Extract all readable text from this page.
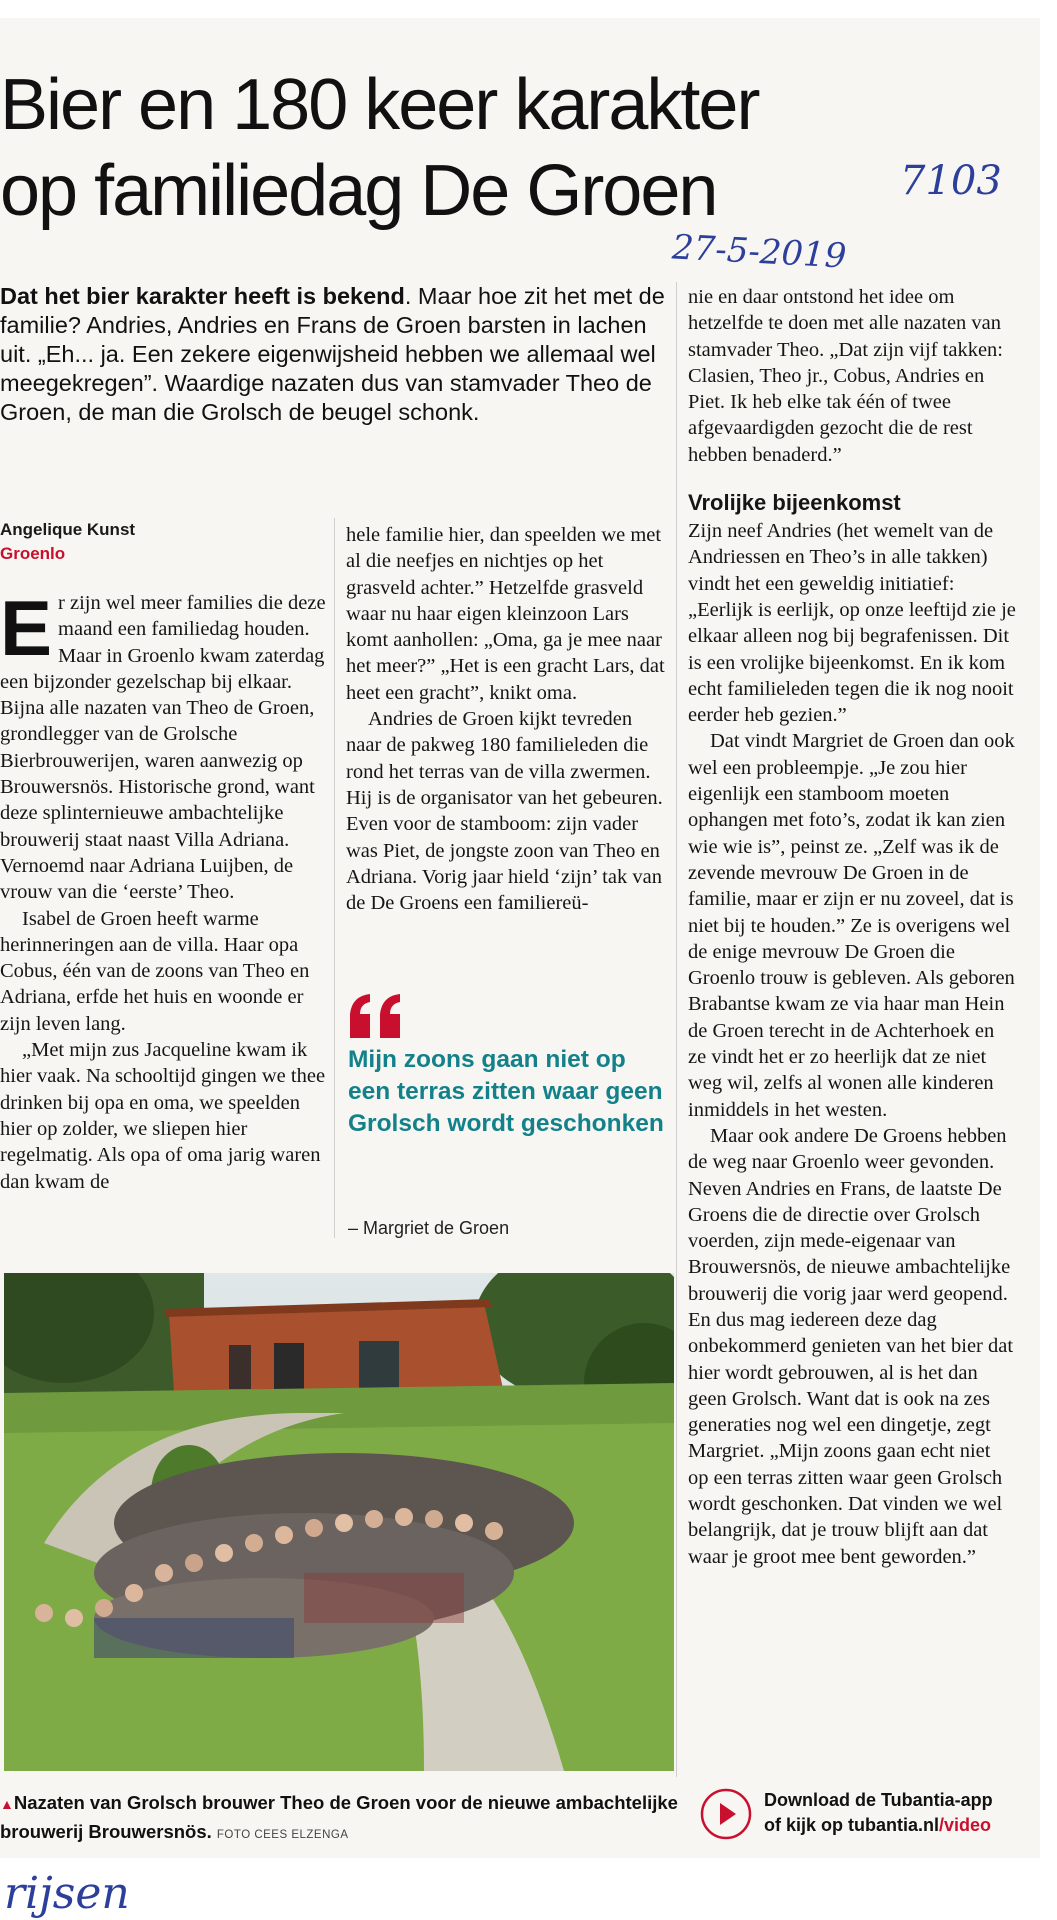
Bier en 180 keer karakter
op familiedag De Groen	7103
27-5-2019
rijsen
Dat het bier karakter heeft is bekend. Maar hoe zit het met de familie? Andries, Andries en Frans de Groen barsten in lachen uit. „Eh... ja. Een zekere eigenwijsheid hebben we allemaal wel meegekregen”. Waardige nazaten dus van stamvader Theo de Groen, de man die Grolsch de beugel schonk.
Angelique Kunst
Groenlo

Er zijn wel meer families die deze maand een familiedag houden. Maar in Groenlo kwam zaterdag een bijzonder gezelschap bij elkaar. Bijna alle nazaten van Theo de Groen, grondlegger van de Grolsche Bierbrouwerijen, waren aanwezig op Brouwersnös. Historische grond, want deze splinternieuwe ambachtelijke brouwerij staat naast Villa Adriana. Vernoemd naar Adriana Luijben, de vrouw van die ‘eerste’ Theo.

Isabel de Groen heeft warme herinneringen aan de villa. Haar opa Cobus, één van de zoons van Theo en Adriana, erfde het huis en woonde er zijn leven lang.

„Met mijn zus Jacqueline kwam ik hier vaak. Na schooltijd gingen we thee drinken bij opa en oma, we speelden hier op zolder, we sliepen hier regelmatig. Als opa of oma jarig waren dan kwam de

hele familie hier, dan speelden we met al die neefjes en nichtjes op het grasveld achter.” Hetzelfde grasveld waar nu haar eigen kleinzoon Lars komt aanhollen: „Oma, ga je mee naar het meer?” „Het is een gracht Lars, dat heet een gracht”, knikt oma.

Andries de Groen kijkt tevreden naar de pakweg 180 familieleden die rond het terras van de villa zwermen. Hij is de organisator van het gebeuren. Even voor de stamboom: zijn vader was Piet, de jongste zoon van Theo en Adriana. Vorig jaar hield ‘zijn’ tak van de De Groens een familiereü-

Mijn zoons gaan niet op een terras zitten waar geen Grolsch wordt geschonken
– Margriet de Groen

nie en daar ontstond het idee om hetzelfde te doen met alle nazaten van stamvader Theo. „Dat zijn vijf takken: Clasien, Theo jr., Cobus, Andries en Piet. Ik heb elke tak één of twee afgevaardigden gezocht die de rest hebben benaderd.”

Vrolijke bijeenkomst

Zijn neef Andries (het wemelt van de Andriessen en Theo’s in alle takken) vindt het een geweldig initiatief: „Eerlijk is eerlijk, op onze leeftijd zie je elkaar alleen nog bij begrafenissen. Dit is een vrolijke bijeenkomst. En ik kom echt familieleden tegen die ik nog nooit eerder heb gezien.”

Dat vindt Margriet de Groen dan ook wel een probleempje. „Je zou hier eigenlijk een stamboom moeten ophangen met foto’s, zodat ik kan zien wie wie is”, peinst ze. „Zelf was ik de zevende mevrouw De Groen in de familie, maar er zijn er nu zoveel, dat is niet bij te houden.” Ze is overigens wel de enige mevrouw De Groen die Groenlo trouw is gebleven. Als geboren Brabantse kwam ze via haar man Hein de Groen terecht in de Achterhoek en ze vindt het er zo heerlijk dat ze niet weg wil, zelfs al wonen alle kinderen inmiddels in het westen.

Maar ook andere De Groens hebben de weg naar Groenlo weer gevonden. Neven Andries en Frans, de laatste De Groens die de directie over Grolsch voerden, zijn mede-eigenaar van Brouwersnös, de nieuwe ambachtelijke brouwerij die vorig jaar werd geopend. En dus mag iedereen deze dag onbekommerd genieten van het bier dat hier wordt gebrouwen, al is het dan geen Grolsch. Want dat is ook na zes generaties nog wel een dingetje, zegt Margriet. „Mijn zoons gaan echt niet op een terras zitten waar geen Grolsch wordt geschonken. Dat vinden we wel belangrijk, dat je trouw blijft aan dat waar je groot mee bent geworden.”

▲Nazaten van Grolsch brouwer Theo de Groen voor de nieuwe ambachtelijke brouwerij Brouwersnös. FOTO CEES ELZENGA
Download de Tubantia-app
of kijk op tubantia.nl/video
